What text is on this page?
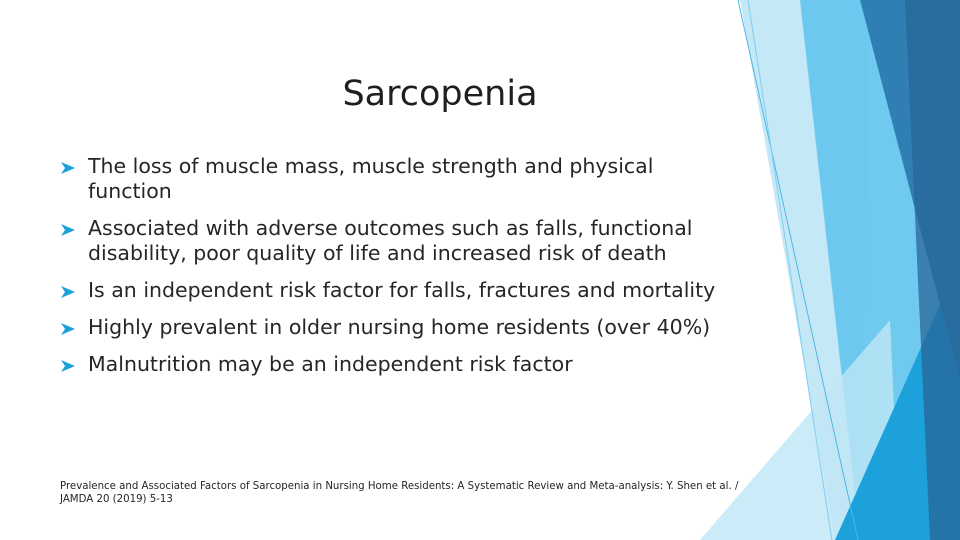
Sarcopenia
The loss of muscle mass, muscle strength and physical function
Associated with adverse outcomes such as falls, functional disability, poor quality of life and increased risk of death
Is an independent risk factor for falls, fractures and mortality
Highly prevalent in older nursing home residents (over 40%)
Malnutrition may be an independent risk factor

Prevalence and Associated Factors of Sarcopenia in Nursing Home Residents: A Systematic Review and Meta-analysis: Y. Shen et al. / JAMDA 20 (2019) 5-13
